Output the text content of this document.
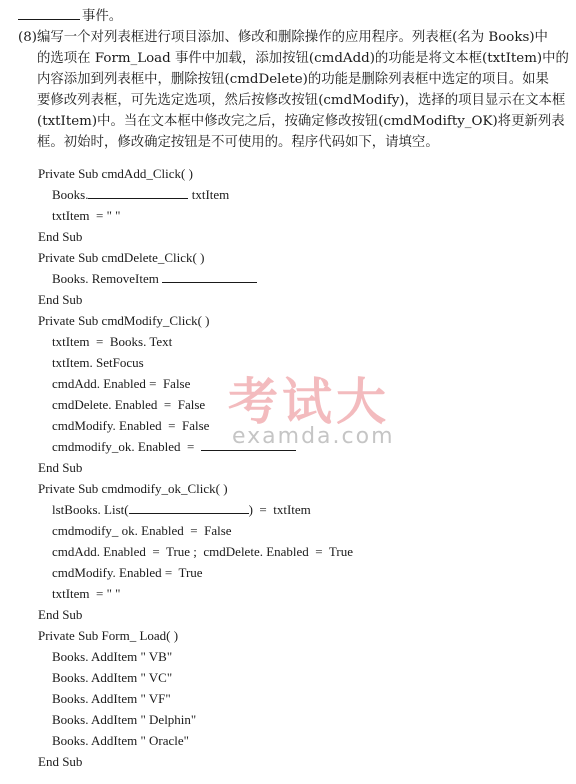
事件。
(8)编写一个对列表框进行项目添加、修改和删除操作的应用程序。列表框(名为 Books)中
的选项在 Form_Load 事件中加载，添加按钮(cmdAdd)的功能是将文本框(txtItem)中的
内容添加到列表框中，删除按钮(cmdDelete)的功能是删除列表框中选定的项目。如果
要修改列表框，可先选定选项，然后按修改按钮(cmdModify)，选择的项目显示在文本框
(txtItem)中。当在文本框中修改完之后，按确定修改按钮(cmdModifty_OK)将更新列表
框。初始时，修改确定按钮是不可使用的。程序代码如下，请填空。
Private Sub cmdAdd_Click( )
Books.	txtItem
txtItem  = " "
End Sub
Private Sub cmdDelete_Click( )
Books. RemoveItem
End Sub
Private Sub cmdModify_Click( )
txtItem  =  Books. Text
txtItem. SetFocus
cmdAdd. Enabled =  False
cmdDelete. Enabled  =  False
cmdModify. Enabled  =  False
cmdmodify_ok. Enabled  =
End Sub
Private Sub cmdmodify_ok_Click( )
lstBooks. List(	)  =  txtItem
cmdmodify_ ok. Enabled  =  False
cmdAdd. Enabled  =  True ;  cmdDelete. Enabled  =  True
cmdModify. Enabled =  True
txtItem  = " "
End Sub
Private Sub Form_ Load( )
Books. AddItem " VB"
Books. AddItem " VC"
Books. AddItem " VF"
Books. AddItem " Delphin"
Books. AddItem " Oracle"
End Sub
考试大
examda.com
